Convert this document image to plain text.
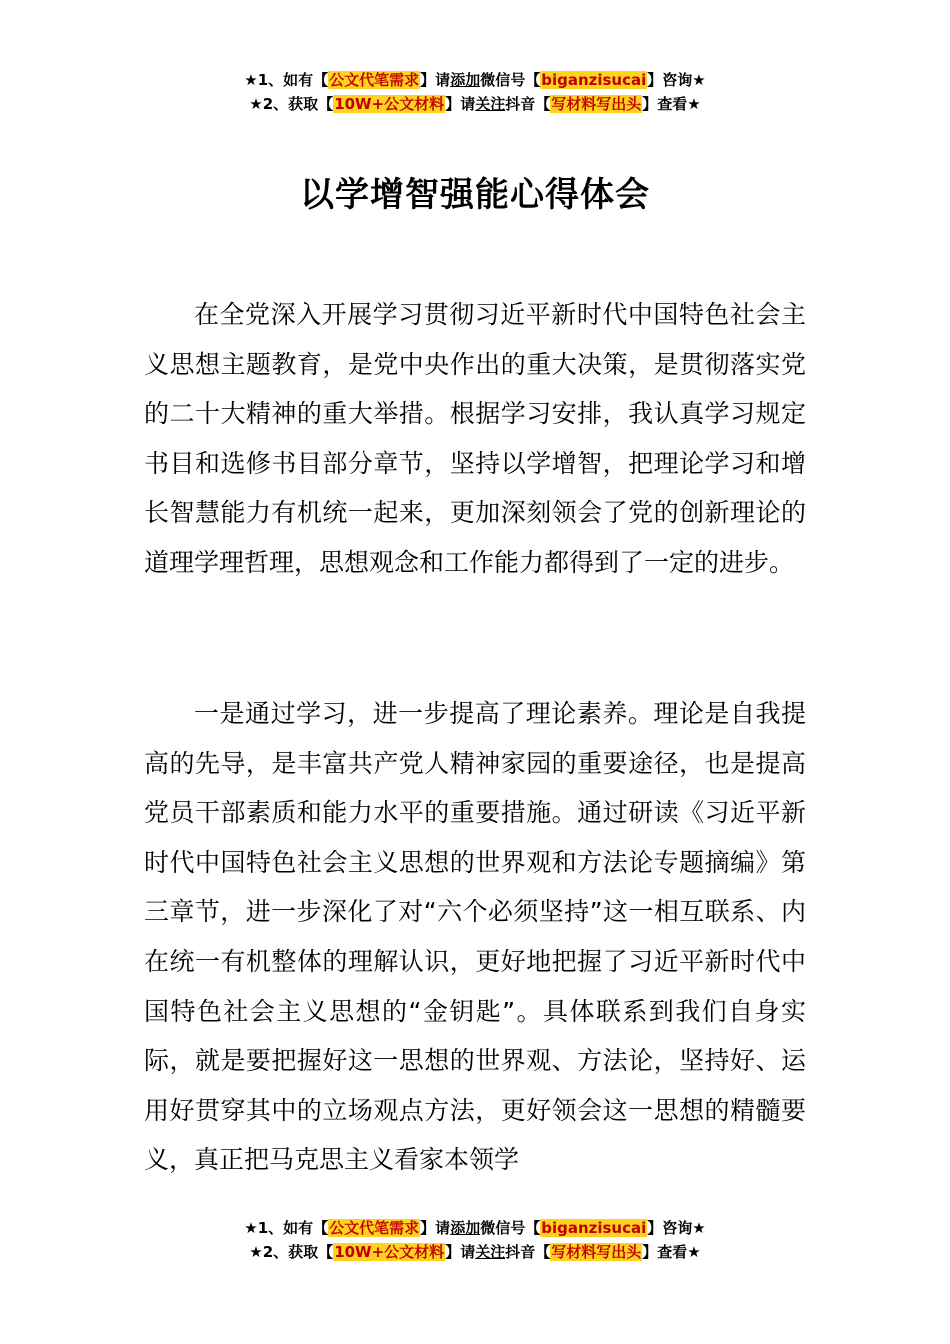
★1、如有【公文代笔需求】请添加微信号【biganzisucai】咨询★
★2、获取【10W+公文材料】请关注抖音【写材料写出头】查看★
以学增智强能心得体会

在全党深入开展学习贯彻习近平新时代中国特色社会主义思想主题教育，是党中央作出的重大决策，是贯彻落实党的二十大精神的重大举措。根据学习安排，我认真学习规定书目和选修书目部分章节，坚持以学增智，把理论学习和增长智慧能力有机统一起来，更加深刻领会了党的创新理论的道理学理哲理，思想观念和工作能力都得到了一定的进步。

一是通过学习，进一步提高了理论素养。理论是自我提高的先导，是丰富共产党人精神家园的重要途径，也是提高党员干部素质和能力水平的重要措施。通过研读《习近平新时代中国特色社会主义思想的世界观和方法论专题摘编》第三章节，进一步深化了对“六个必须坚持”这一相互联系、内在统一有机整体的理解认识，更好地把握了习近平新时代中国特色社会主义思想的“金钥匙”。具体联系到我们自身实际，就是要把握好这一思想的世界观、方法论，坚持好、运用好贯穿其中的立场观点方法，更好领会这一思想的精髓要义，真正把马克思主义看家本领学

★1、如有【公文代笔需求】请添加微信号【biganzisucai】咨询★
★2、获取【10W+公文材料】请关注抖音【写材料写出头】查看★
